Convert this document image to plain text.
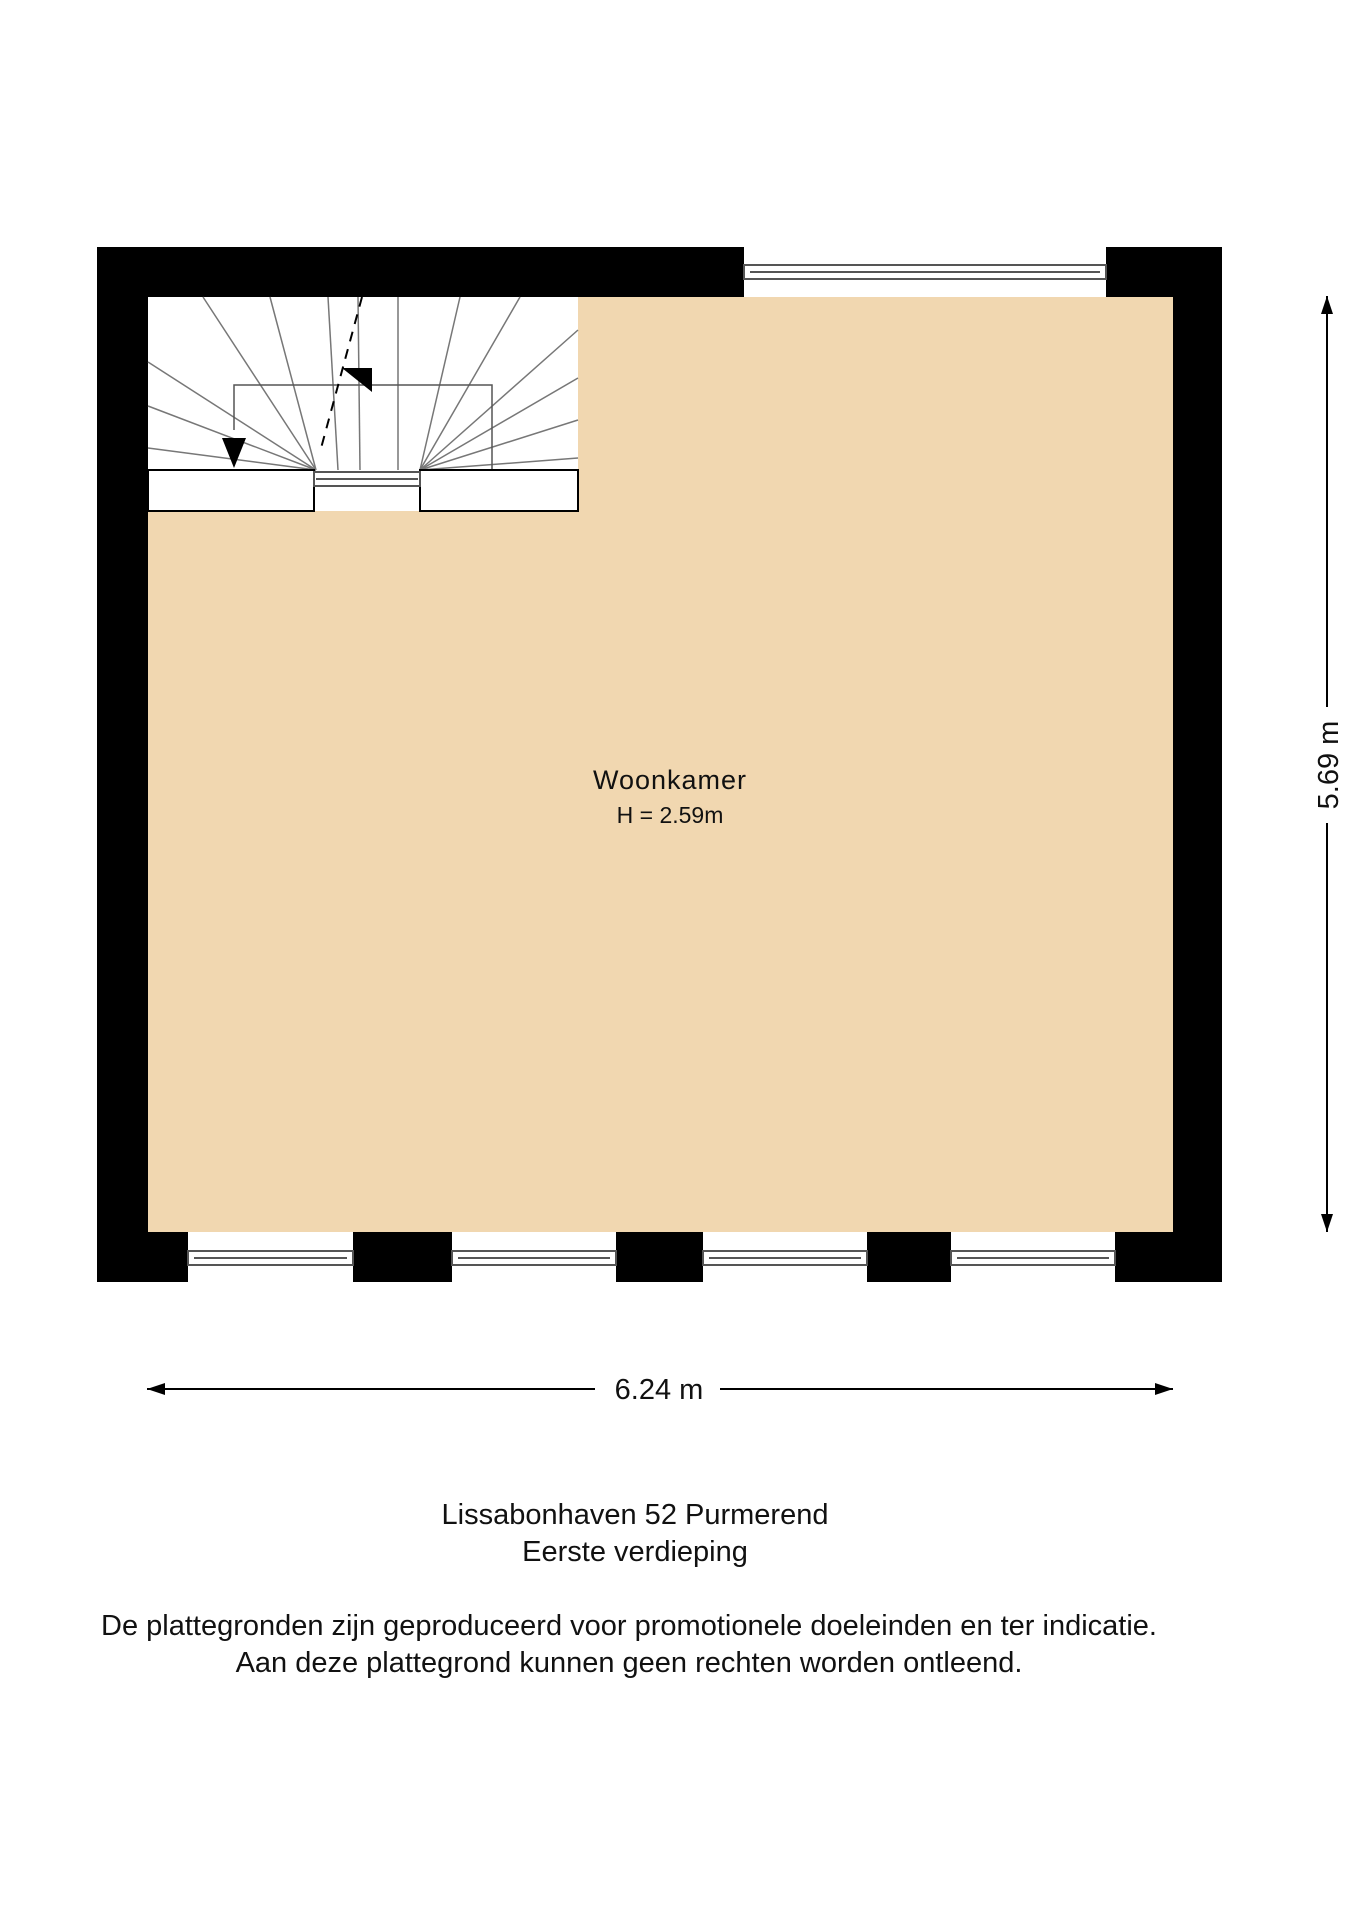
Woonkamer
H = 2.59m
6.24 m
5.69 m

Lissabonhaven 52 Purmerend

Eerste verdieping

De plattegronden zijn geproduceerd voor promotionele doeleinden en ter indicatie.

Aan deze plattegrond kunnen geen rechten worden ontleend.
